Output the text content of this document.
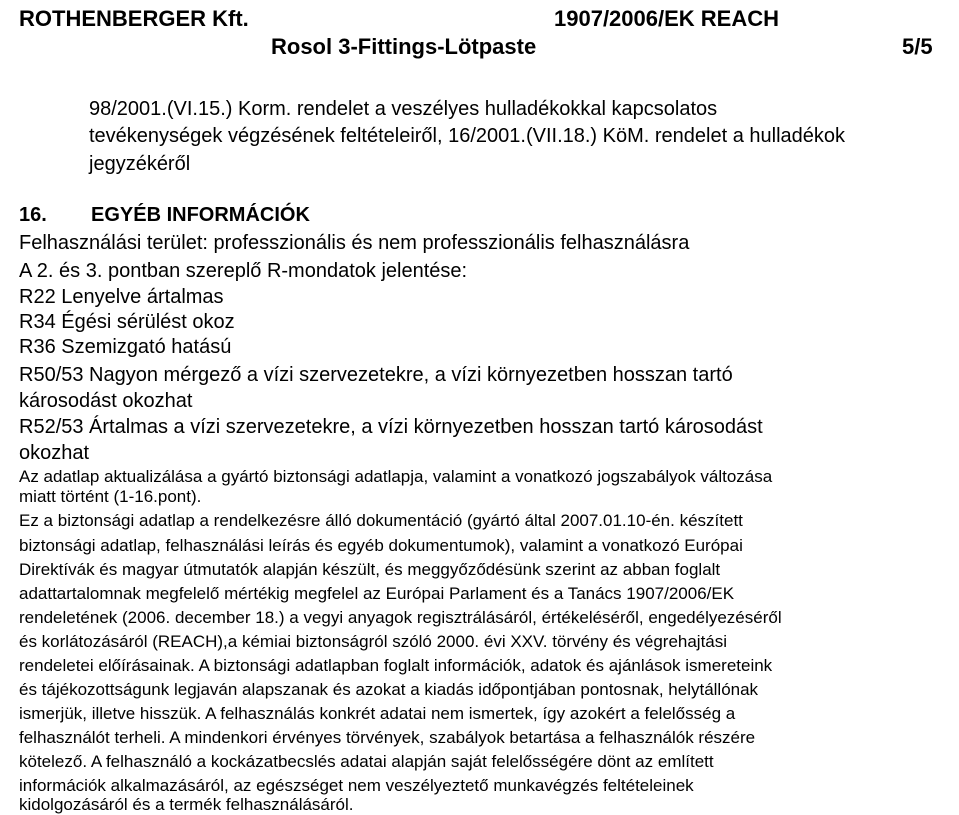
ROTHENBERGER Kft.	1907/2006/EK REACH
Rosol 3-Fittings-Lötpaste	5/5
98/2001.(VI.15.) Korm. rendelet a veszélyes hulladékokkal kapcsolatos
tevékenységek végzésének feltételeiről, 16/2001.(VII.18.) KöM. rendelet a hulladékok
jegyzékéről
16. EGYÉB INFORMÁCIÓK
Felhasználási terület: professzionális és nem professzionális felhasználásra
A 2. és 3. pontban szereplő R-mondatok jelentése:
R22 Lenyelve ártalmas
R34 Égési sérülést okoz
R36 Szemizgató hatású
R50/53 Nagyon mérgező a vízi szervezetekre, a vízi környezetben hosszan tartó
károsodást okozhat
R52/53 Ártalmas a vízi szervezetekre, a vízi környezetben hosszan tartó károsodást
okozhat
Az adatlap aktualizálása a gyártó biztonsági adatlapja, valamint a vonatkozó jogszabályok változása
miatt történt (1-16.pont).
Ez a biztonsági adatlap a rendelkezésre álló dokumentáció (gyártó által 2007.01.10-én. készített
biztonsági adatlap, felhasználási leírás és egyéb dokumentumok), valamint a vonatkozó Európai
Direktívák és magyar útmutatók alapján készült, és meggyőződésünk szerint az abban foglalt
adattartalomnak megfelelő mértékig megfelel az Európai Parlament és a Tanács 1907/2006/EK
rendeletének (2006. december 18.) a vegyi anyagok regisztrálásáról, értékeléséről, engedélyezéséről
és korlátozásáról (REACH),a kémiai biztonságról szóló 2000. évi XXV. törvény és végrehajtási
rendeletei előírásainak. A biztonsági adatlapban foglalt információk, adatok és ajánlások ismereteink
és tájékozottságunk legjaván alapszanak és azokat a kiadás időpontjában pontosnak, helytállónak
ismerjük, illetve hisszük. A felhasználás konkrét adatai nem ismertek, így azokért a felelősség a
felhasználót terheli. A mindenkori érvényes törvények, szabályok betartása a felhasználók részére
kötelező. A felhasználó a kockázatbecslés adatai alapján saját felelősségére dönt az említett
információk alkalmazásáról, az egészséget nem veszélyeztető munkavégzés feltételeinek
kidolgozásáról és a termék felhasználásáról.
